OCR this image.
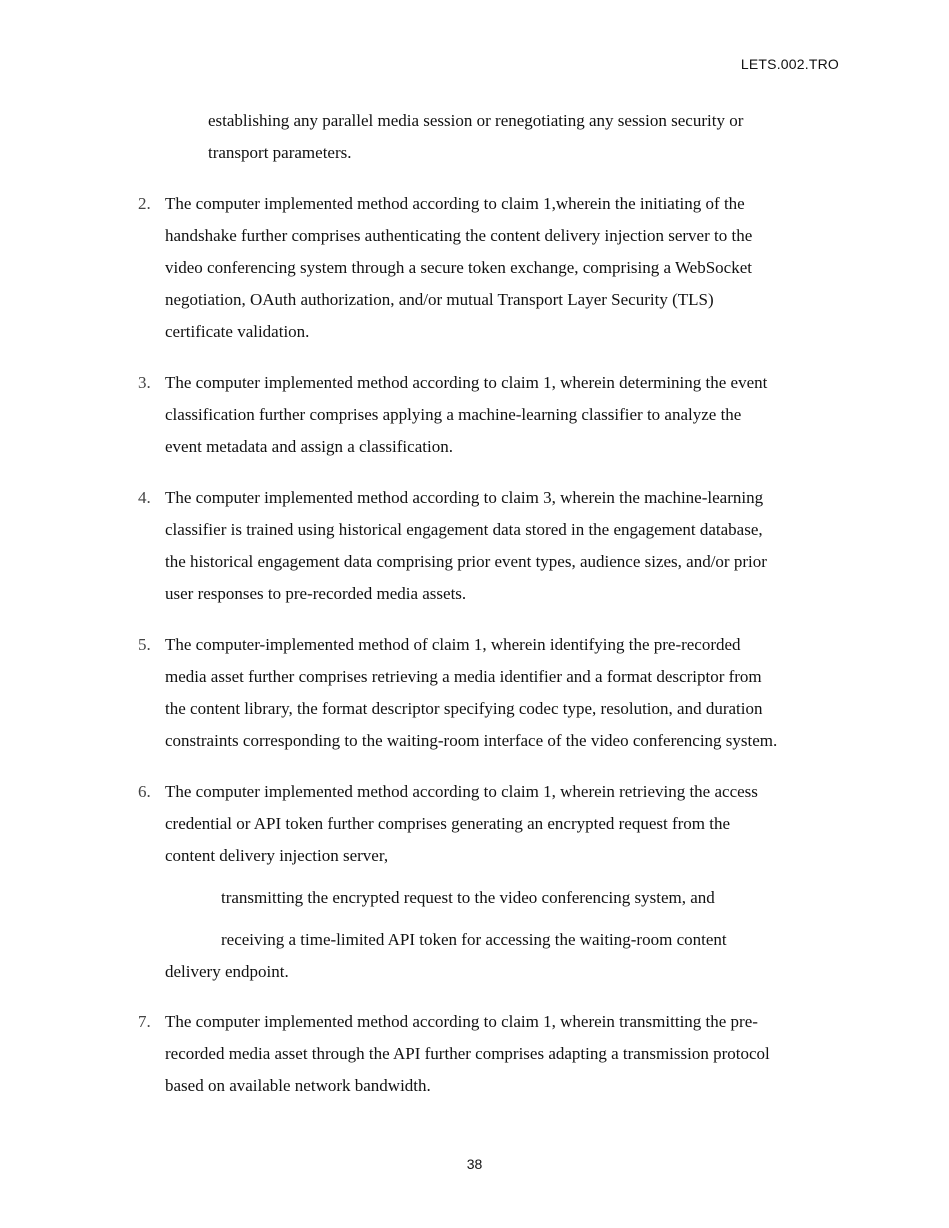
LETS.002.TRO
establishing any parallel media session or renegotiating any session security or
transport parameters.
2. The computer implemented method according to claim 1,wherein the initiating of the
handshake further comprises authenticating the content delivery injection server to the
video conferencing system through a secure token exchange, comprising a WebSocket
negotiation, OAuth authorization, and/or mutual Transport Layer Security (TLS)
certificate validation.
3. The computer implemented method according to claim 1, wherein determining the event
classification further comprises applying a machine-learning classifier to analyze the
event metadata and assign a classification.
4. The computer implemented method according to claim 3, wherein the machine-learning
classifier is trained using historical engagement data stored in the engagement database,
the historical engagement data comprising prior event types, audience sizes, and/or prior
user responses to pre-recorded media assets.
5. The computer-implemented method of claim 1, wherein identifying the pre-recorded
media asset further comprises retrieving a media identifier and a format descriptor from
the content library, the format descriptor specifying codec type, resolution, and duration
constraints corresponding to the waiting-room interface of the video conferencing system.
6. The computer implemented method according to claim 1, wherein retrieving the access
credential or API token further comprises generating an encrypted request from the
content delivery injection server,
transmitting the encrypted request to the video conferencing system, and
receiving a time-limited API token for accessing the waiting-room content
delivery endpoint.
7. The computer implemented method according to claim 1, wherein transmitting the pre-
recorded media asset through the API further comprises adapting a transmission protocol
based on available network bandwidth.
38
